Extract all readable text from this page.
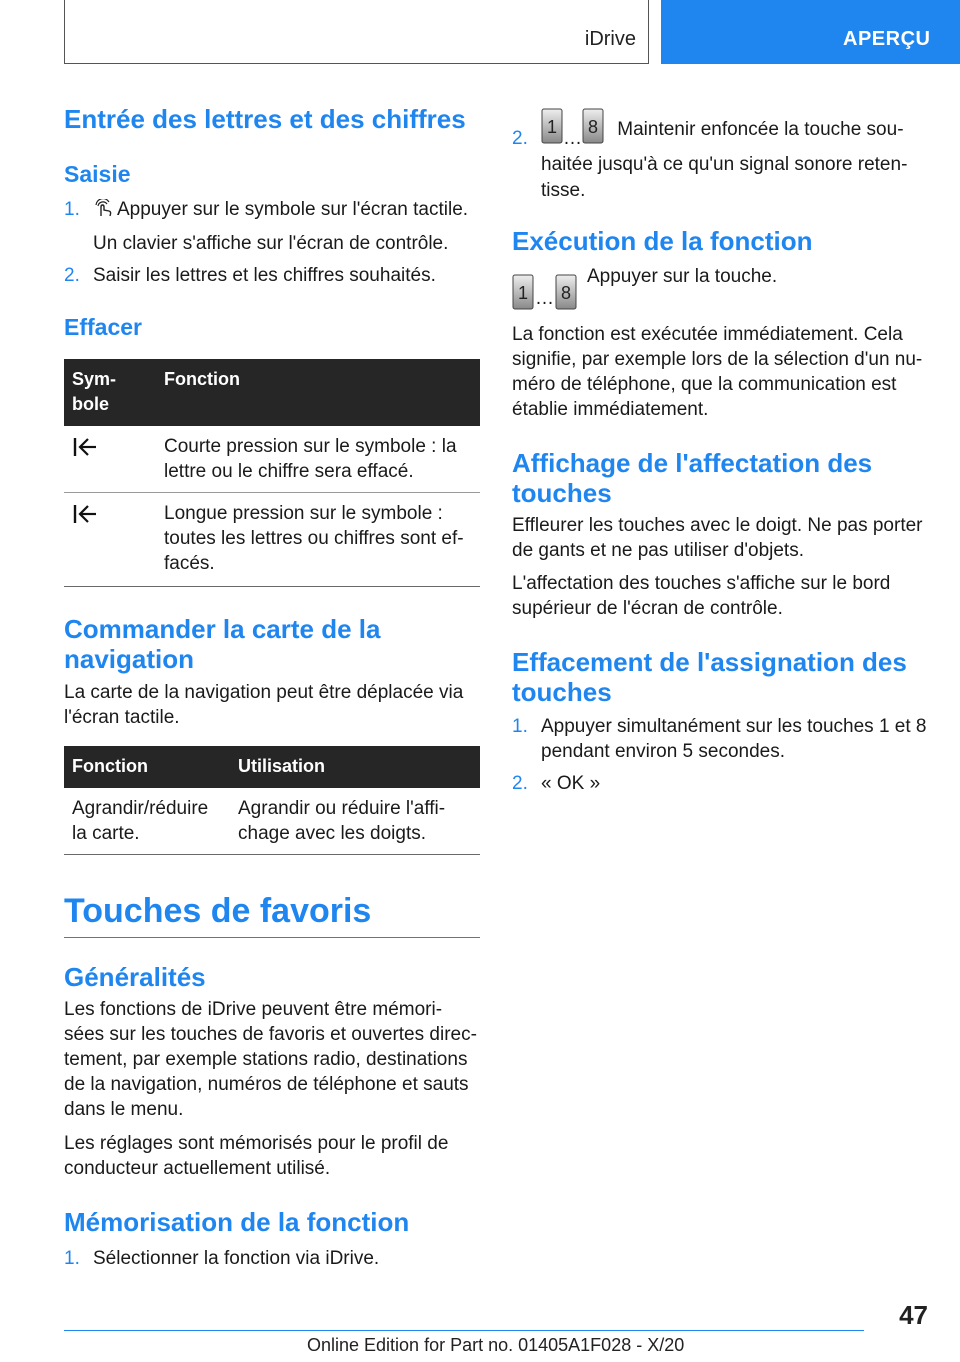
iDrive	APERÇU
Entrée des lettres et des chiffres
Saisie
1. Appuyer sur le symbole sur l'écran tactile.
Un clavier s'affiche sur l'écran de contrôle.
2. Saisir les lettres et les chiffres souhaités.
Effacer
Sym-
bole	Fonction
	Courte pression sur le symbole : la lettre ou le chiffre sera effacé.
	Longue pression sur le symbole : toutes les lettres ou chiffres sont ef- facés.
Commander la carte de la navigation

La carte de la navigation peut être déplacée via l'écran tactile.

Fonction	Utilisation
Agrandir/réduire la carte.	Agrandir ou réduire l'affi- chage avec les doigts.
Touches de favoris
Généralités

Les fonctions de iDrive peuvent être mémori- sées sur les touches de favoris et ouvertes direc- tement, par exemple stations radio, destinations de la navigation, numéros de téléphone et sauts dans le menu.

Les réglages sont mémorisés pour le profil de conducteur actuellement utilisé.

Mémorisation de la fonction
1. Sélectionner la fonction via iDrive.
2.
1
…
8 Maintenir enfoncée la touche sou- haitée jusqu'à ce qu'un signal sonore reten- tisse.
Exécution de la fonction
1 … 8
Appuyer sur la touche.

La fonction est exécutée immédiatement. Cela signifie, par exemple lors de la sélection d'un nu- méro de téléphone, que la communication est établie immédiatement.

Affichage de l'affectation des touches

Effleurer les touches avec le doigt. Ne pas porter de gants et ne pas utiliser d'objets.

L'affectation des touches s'affiche sur le bord supérieur de l'écran de contrôle.

Effacement de l'assignation des touches
1. Appuyer simultanément sur les touches 1 et 8 pendant environ 5 secondes.
2. « OK »
47
Online Edition for Part no. 01405A1F028 - X/20
